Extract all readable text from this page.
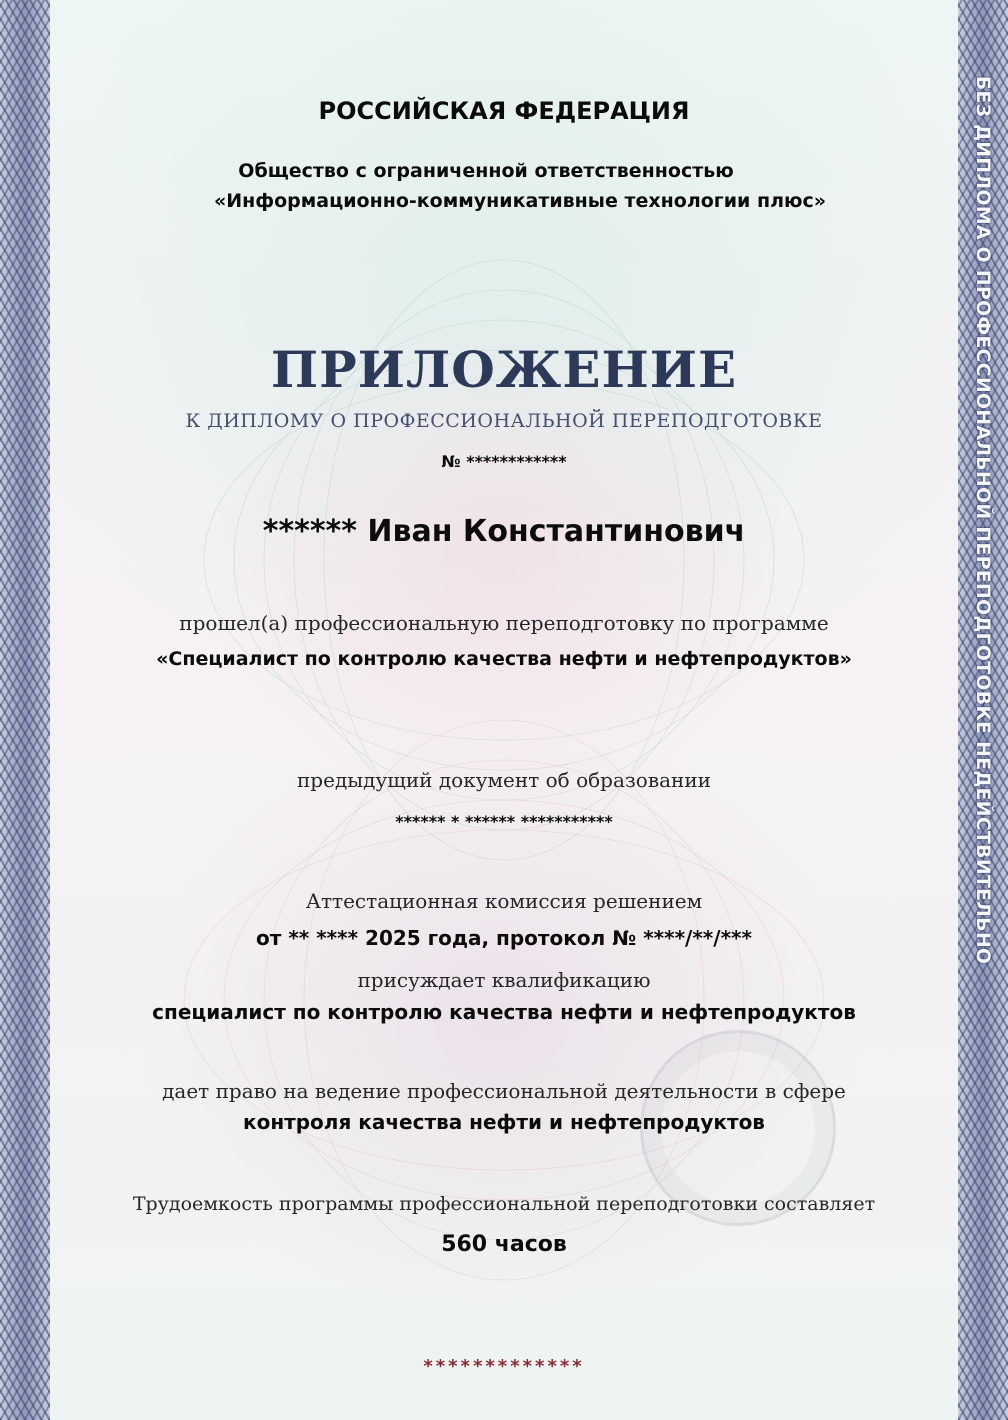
БЕЗ ДИПЛОМА О ПРОФЕССИОНАЛЬНОЙ ПЕРЕПОДГОТОВКЕ НЕДЕЙСТВИТЕЛЬНО
РОССИЙСКАЯ ФЕДЕРАЦИЯ
Общество с ограниченной ответственностью
«Информационно-коммуникативные технологии плюс»
ПРИЛОЖЕНИЕ
К ДИПЛОМУ О ПРОФЕССИОНАЛЬНОЙ ПЕРЕПОДГОТОВКЕ
№ ************
****** Иван Константинович
прошел(а) профессиональную переподготовку по программе
«Специалист по контролю качества нефти и нефтепродуктов»
предыдущий документ об образовании
****** * ****** ***********
Аттестационная комиссия решением
от ** **** 2025 года, протокол № ****/**/***
присуждает квалификацию
специалист по контролю качества нефти и нефтепродуктов
дает право на ведение профессиональной деятельности в сфере
контроля качества нефти и нефтепродуктов
Трудоемкость программы профессиональной переподготовки составляет
560 часов
*************
